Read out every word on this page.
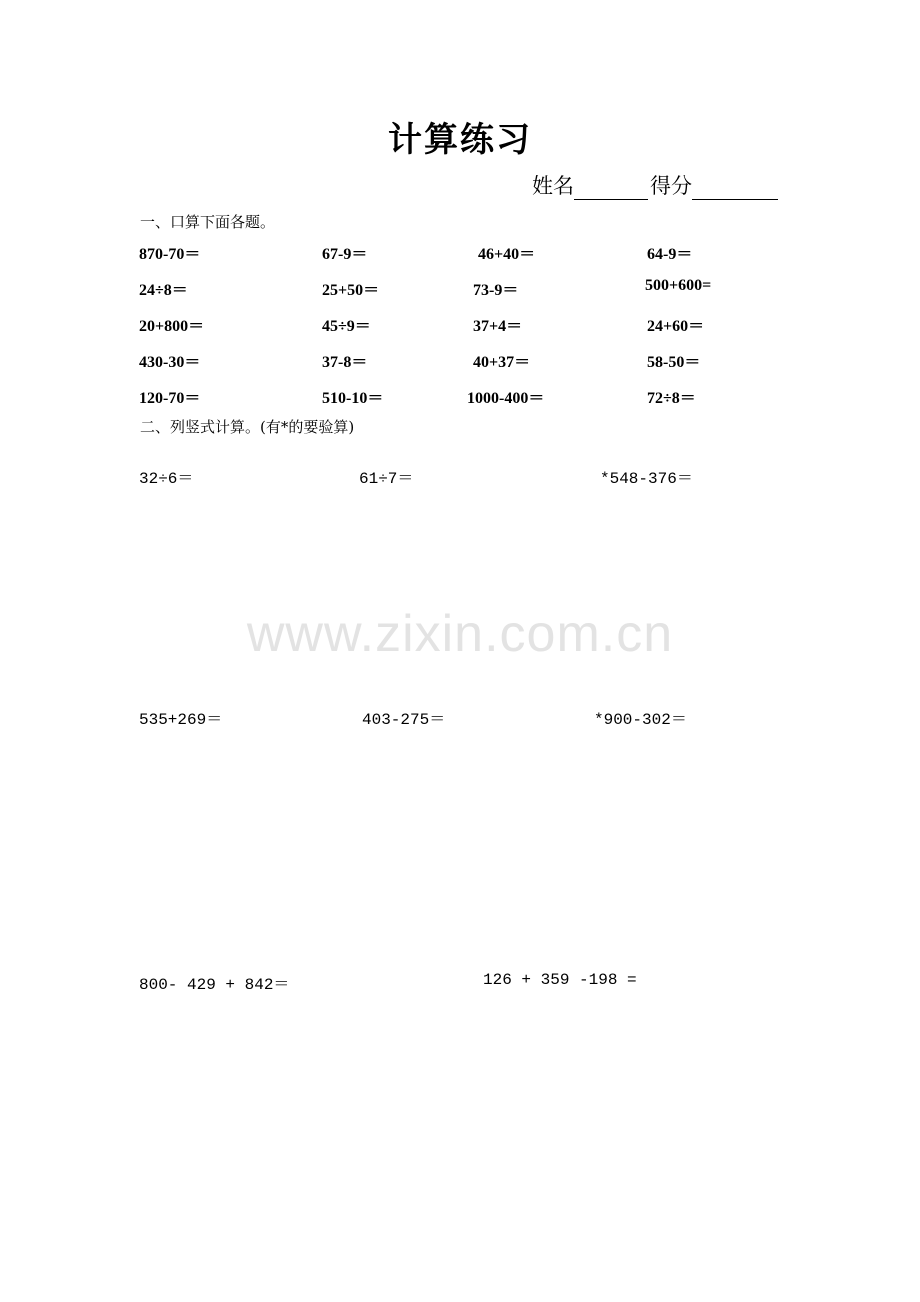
计算练习
姓名	得分
一、口算下面各题。
870-70＝	67-9＝	46+40＝	64-9＝
24÷8＝	25+50＝	73-9＝	500+600=
20+800＝	45÷9＝	37+4＝	24+60＝
430-30＝	37-8＝	40+37＝	58-50＝
120-70＝	510-10＝	1000-400＝	72÷8＝
二、列竖式计算。(有*的要验算)
32÷6＝	61÷7＝	*548-376＝
www.zixin.com.cn
535+269＝	403-275＝	*900-302＝
800- 429 + 842＝	126 + 359 -198 =
